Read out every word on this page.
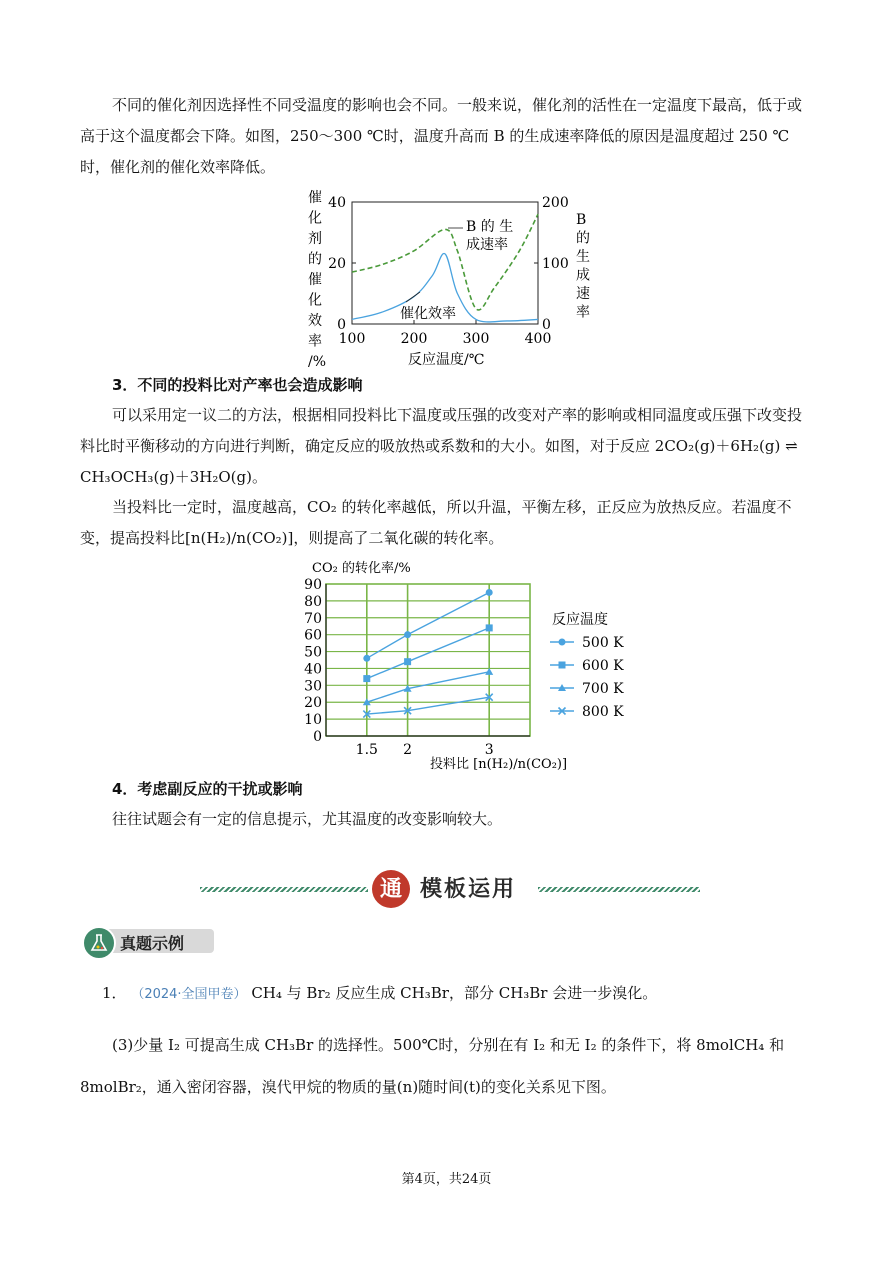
不同的催化剂因选择性不同受温度的影响也会不同。一般来说，催化剂的活性在一定温度下最高，低于或高于这个温度都会下降。如图，250～300 ℃时，温度升高而 B 的生成速率降低的原因是温度超过 250 ℃时，催化剂的催化效率降低。
催化剂的催化效率/%
B 的生成速率
40
20
0
200
100
0
100	200	300	400
B 的 生
成速率
催化效率
反应温度/℃
3．不同的投料比对产率也会造成影响
可以采用定一议二的方法，根据相同投料比下温度或压强的改变对产率的影响或相同温度或压强下改变投料比时平衡移动的方向进行判断，确定反应的吸放热或系数和的大小。如图，对于反应 2CO₂(g)＋6H₂(g) ⇌ CH₃OCH₃(g)＋3H₂O(g)。
当投料比一定时，温度越高，CO₂ 的转化率越低，所以升温，平衡左移，正反应为放热反应。若温度不变，提高投料比[n(H₂)/n(CO₂)]，则提高了二氧化碳的转化率。
CO₂ 的转化率/%
90
80
70
60
50
40
30
20
10
0
1.5 2	3
反应温度
500 K
600 K
700 K
800 K
投料比 [n(H₂)/n(CO₂)]
4．考虑副反应的干扰或影响
往往试题会有一定的信息提示，尤其温度的改变影响较大。
通 模板运用
真题示例
1． （2024·全国甲卷） CH₄ 与 Br₂ 反应生成 CH₃Br，部分 CH₃Br 会进一步溴化。
(3)少量 I₂ 可提高生成 CH₃Br 的选择性。500℃时，分别在有 I₂ 和无 I₂ 的条件下，将 8molCH₄ 和 8molBr₂，通入密闭容器，溴代甲烷的物质的量(n)随时间(t)的变化关系见下图。
第4页，共24页
